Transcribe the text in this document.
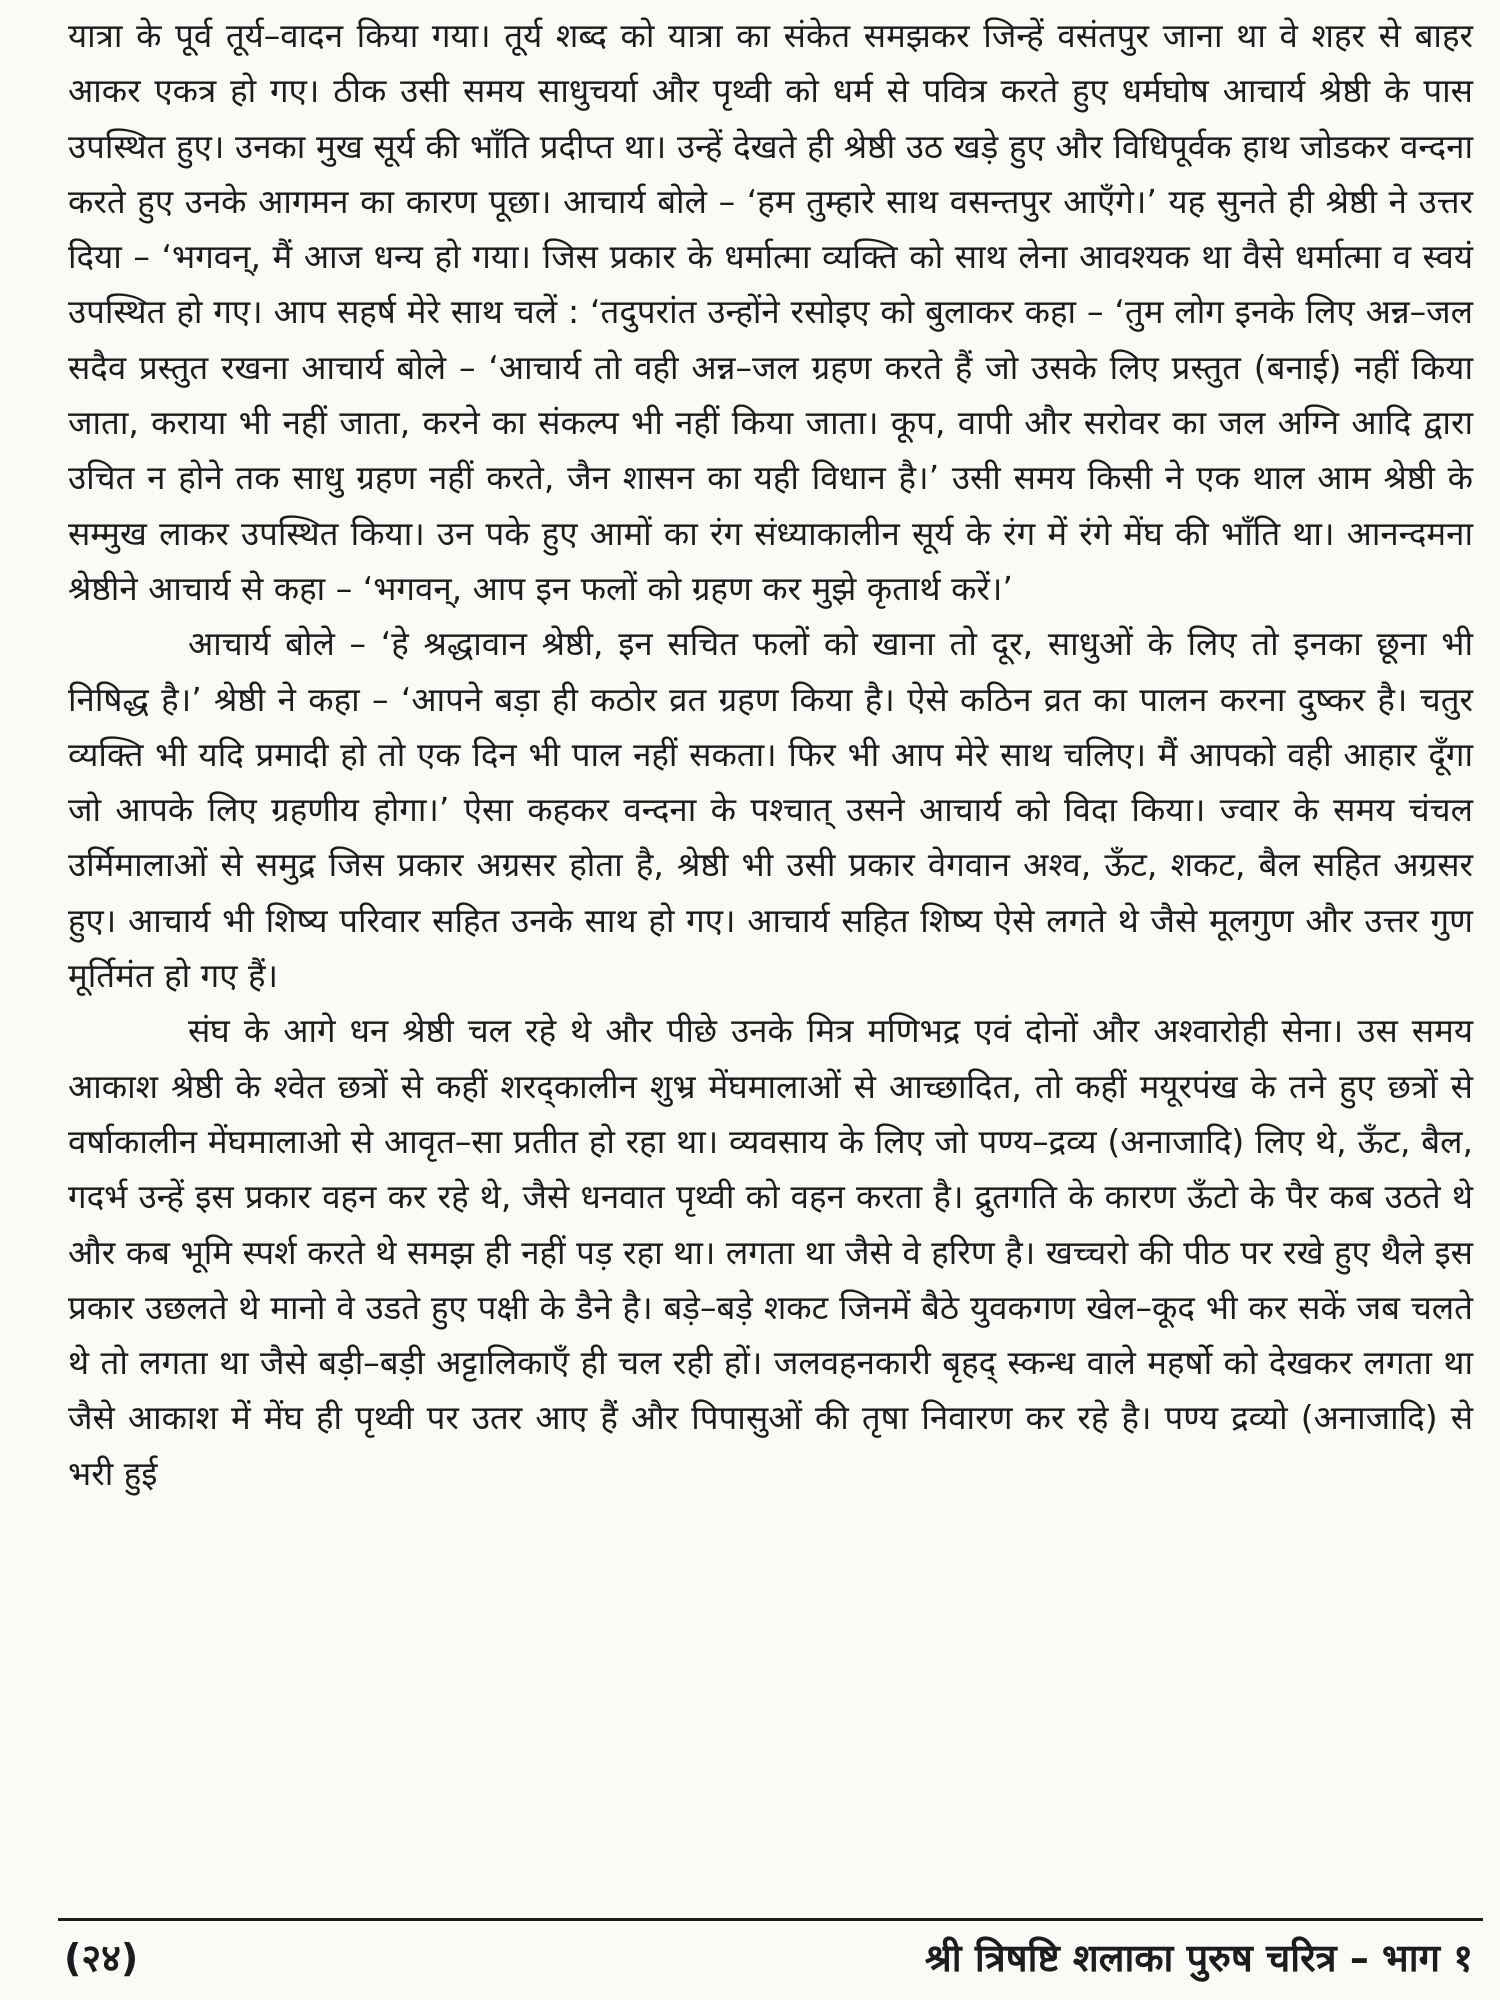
यात्रा के पूर्व तूर्य–वादन किया गया। तूर्य शब्द को यात्रा का संकेत समझकर जिन्हें वसंतपुर जाना था वे शहर से बाहर आकर एकत्र हो गए। ठीक उसी समय साधुचर्या और पृथ्वी को धर्म से पवित्र करते हुए धर्मघोष आचार्य श्रेष्ठी के पास उपस्थित हुए। उनका मुख सूर्य की भाँति प्रदीप्त था। उन्हें देखते ही श्रेष्ठी उठ खड़े हुए और विधिपूर्वक हाथ जोडकर वन्दना करते हुए उनके आगमन का कारण पूछा। आचार्य बोले – ‘हम तुम्हारे साथ वसन्तपुर आएँगे।’ यह सुनते ही श्रेष्ठी ने उत्तर दिया – ‘भगवन्, मैं आज धन्य हो गया। जिस प्रकार के धर्मात्मा व्यक्ति को साथ लेना आवश्यक था वैसे धर्मात्मा व स्वयं उपस्थित हो गए। आप सहर्ष मेरे साथ चलें : ‘तदुपरांत उन्होंने रसोइए को बुलाकर कहा – ‘तुम लोग इनके लिए अन्न–जल सदैव प्रस्तुत रखना आचार्य बोले – ‘आचार्य तो वही अन्न–जल ग्रहण करते हैं जो उसके लिए प्रस्तुत (बनाई) नहीं किया जाता, कराया भी नहीं जाता, करने का संकल्प भी नहीं किया जाता। कूप, वापी और सरोवर का जल अग्नि आदि द्वारा उचित न होने तक साधु ग्रहण नहीं करते, जैन शासन का यही विधान है।’ उसी समय किसी ने एक थाल आम श्रेष्ठी के सम्मुख लाकर उपस्थित किया। उन पके हुए आमों का रंग संध्याकालीन सूर्य के रंग में रंगे मेंघ की भाँति था। आनन्दमना श्रेष्ठीने आचार्य से कहा – ‘भगवन्, आप इन फलों को ग्रहण कर मुझे कृतार्थ करें।’

आचार्य बोले – ‘हे श्रद्धावान श्रेष्ठी, इन सचित फलों को खाना तो दूर, साधुओं के लिए तो इनका छूना भी निषिद्ध है।’ श्रेष्ठी ने कहा – ‘आपने बड़ा ही कठोर व्रत ग्रहण किया है। ऐसे कठिन व्रत का पालन करना दुष्कर है। चतुर व्यक्ति भी यदि प्रमादी हो तो एक दिन भी पाल नहीं सकता। फिर भी आप मेरे साथ चलिए। मैं आपको वही आहार दूँगा जो आपके लिए ग्रहणीय होगा।’ ऐसा कहकर वन्दना के पश्चात् उसने आचार्य को विदा किया। ज्वार के समय चंचल उर्मिमालाओं से समुद्र जिस प्रकार अग्रसर होता है, श्रेष्ठी भी उसी प्रकार वेगवान अश्व, ऊँट, शकट, बैल सहित अग्रसर हुए। आचार्य भी शिष्य परिवार सहित उनके साथ हो गए। आचार्य सहित शिष्य ऐसे लगते थे जैसे मूलगुण और उत्तर गुण मूर्तिमंत हो गए हैं।

संघ के आगे धन श्रेष्ठी चल रहे थे और पीछे उनके मित्र मणिभद्र एवं दोनों और अश्वारोही सेना। उस समय आकाश श्रेष्ठी के श्वेत छत्रों से कहीं शरद्‌कालीन शुभ्र मेंघमालाओं से आच्छादित, तो कहीं मयूरपंख के तने हुए छत्रों से वर्षाकालीन मेंघमालाओ से आवृत–सा प्रतीत हो रहा था। व्यवसाय के लिए जो पण्य–द्रव्य (अनाजादि) लिए थे, ऊँट, बैल, गदर्भ उन्हें इस प्रकार वहन कर रहे थे, जैसे धनवात पृथ्वी को वहन करता है। द्रुतगति के कारण ऊँटो के पैर कब उठते थे और कब भूमि स्पर्श करते थे समझ ही नहीं पड़ रहा था। लगता था जैसे वे हरिण है। खच्चरो की पीठ पर रखे हुए थैले इस प्रकार उछलते थे मानो वे उडते हुए पक्षी के डैने है। बड़े–बड़े शकट जिनमें बैठे युवकगण खेल–कूद भी कर सकें जब चलते थे तो लगता था जैसे बड़ी–बड़ी अट्टालिकाएँ ही चल रही हों। जलवहनकारी बृहद् स्कन्ध वाले महर्षो को देखकर लगता था जैसे आकाश में मेंघ ही पृथ्वी पर उतर आए हैं और पिपासुओं की तृषा निवारण कर रहे है। पण्य द्रव्यो (अनाजादि) से भरी हुई

(२४)	श्री त्रिषष्टि शलाका पुरुष चरित्र – भाग १
